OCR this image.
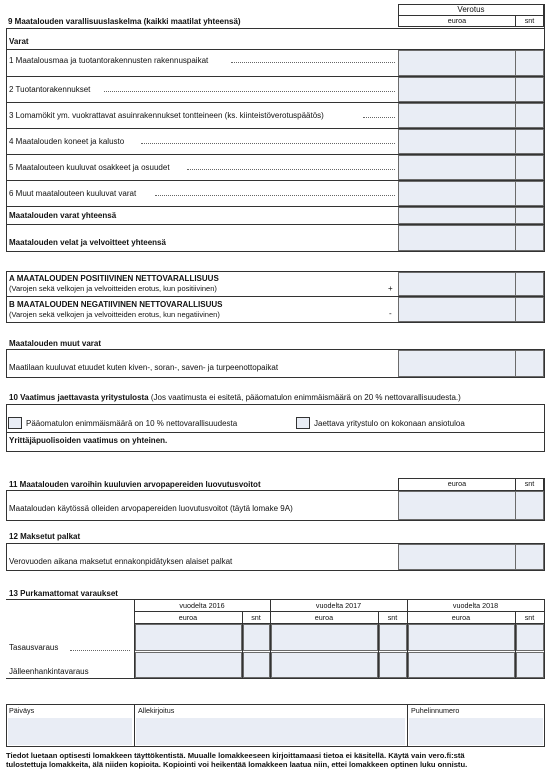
Verotus
euroa	snt
9 Maatalouden varallisuuslaskelma (kaikki maatilat yhteensä)
Varat
1 Maatalousmaa ja tuotantorakennusten rakennuspaikat
2 Tuotantorakennukset
3 Lomamökit ym. vuokrattavat asuinrakennukset tontteineen (ks. kiinteistöverotuspäätös)
4 Maatalouden koneet ja kalusto
5 Maatalouteen kuuluvat osakkeet ja osuudet
6 Muut maatalouteen kuuluvat varat
Maatalouden varat yhteensä
Maatalouden velat ja velvoitteet yhteensä
A MAATALOUDEN POSITIIVINEN NETTOVARALLISUUS
(Varojen sekä velkojen ja velvoitteiden erotus, kun positiivinen)	+
B MAATALOUDEN NEGATIIVINEN NETTOVARALLISUUS
(Varojen sekä velkojen ja velvoitteiden erotus, kun negatiivinen)	-
Maatalouden muut varat
Maatilaan kuuluvat etuudet kuten kiven-, soran-, saven- ja turpeenottopaikat
10 Vaatimus jaettavasta yritystulosta (Jos vaatimusta ei esitetä, pääomatulon enimmäismäärä on 20 % nettovarallisuudesta.)
Pääomatulon enimmäismäärä on 10 % nettovarallisuudesta	Jaettava yritystulo on kokonaan ansiotuloa
Yrittäjäpuolisoiden vaatimus on yhteinen.
11 Maatalouden varoihin kuuluvien arvopapereiden luovutusvoitot	euroa	snt
Maataloudən käytössä olleiden arvopapereiden luovutusvoitot (täytä lomake 9A)
12 Maksetut palkat
Verovuoden aikana maksetut ennakonpidätyksen alaiset palkat
13 Purkamattomat varaukset
vuodelta 2016	vuodelta 2017	vuodelta 2018
euroa	snt	euroa	snt	euroa	snt
Tasausvaraus
Jälleenhankintavaraus
Päiväys	Allekirjoitus	Puhelinnumero
Tiedot luetaan optisesti lomakkeen täyttökentistä. Muualle lomakkeeseen kirjoittamaasi tietoa ei käsitellä. Käytä vain vero.fi:stä
tulostettuja lomakkeita, älä niiden kopioita. Kopiointi voi heikentää lomakkeen laatua niin, ettei lomakkeen optinen luku onnistu.
